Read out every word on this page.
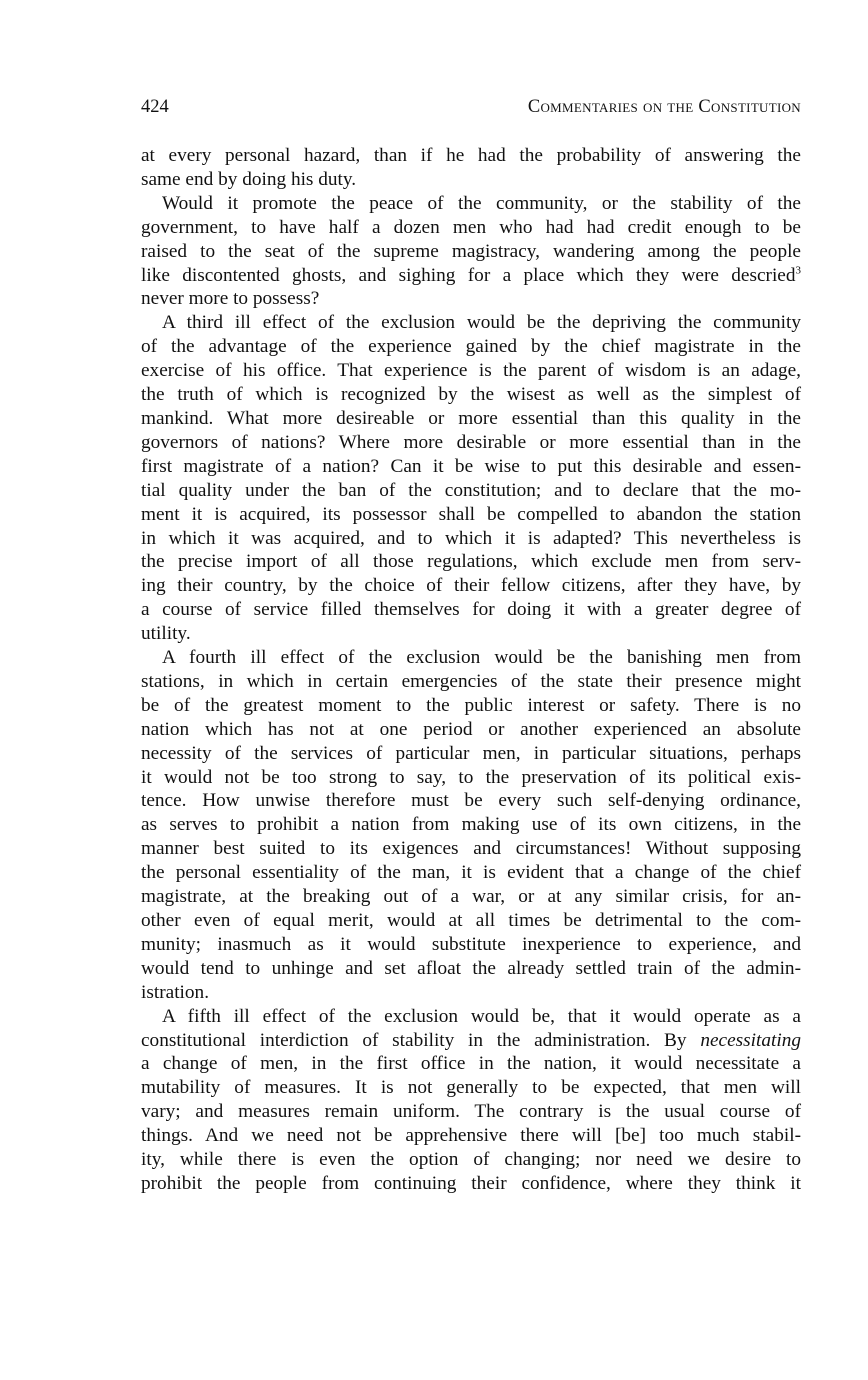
424	Commentaries on the Constitution
at every personal hazard, than if he had the probability of answering the
same end by doing his duty.
Would it promote the peace of the community, or the stability of the
government, to have half a dozen men who had had credit enough to be
raised to the seat of the supreme magistracy, wandering among the people
like discontented ghosts, and sighing for a place which they were descried$^3$
never more to possess?
A third ill effect of the exclusion would be the depriving the community
of the advantage of the experience gained by the chief magistrate in the
exercise of his office. That experience is the parent of wisdom is an adage,
the truth of which is recognized by the wisest as well as the simplest of
mankind. What more desireable or more essential than this quality in the
governors of nations? Where more desirable or more essential than in the
first magistrate of a nation? Can it be wise to put this desirable and essen-
tial quality under the ban of the constitution; and to declare that the mo-
ment it is acquired, its possessor shall be compelled to abandon the station
in which it was acquired, and to which it is adapted? This nevertheless is
the precise import of all those regulations, which exclude men from serv-
ing their country, by the choice of their fellow citizens, after they have, by
a course of service filled themselves for doing it with a greater degree of
utility.
A fourth ill effect of the exclusion would be the banishing men from
stations, in which in certain emergencies of the state their presence might
be of the greatest moment to the public interest or safety. There is no
nation which has not at one period or another experienced an absolute
necessity of the services of particular men, in particular situations, perhaps
it would not be too strong to say, to the preservation of its political exis-
tence. How unwise therefore must be every such self-denying ordinance,
as serves to prohibit a nation from making use of its own citizens, in the
manner best suited to its exigences and circumstances! Without supposing
the personal essentiality of the man, it is evident that a change of the chief
magistrate, at the breaking out of a war, or at any similar crisis, for an-
other even of equal merit, would at all times be detrimental to the com-
munity; inasmuch as it would substitute inexperience to experience, and
would tend to unhinge and set afloat the already settled train of the admin-
istration.
A fifth ill effect of the exclusion would be, that it would operate as a
constitutional interdiction of stability in the administration. By necessitating
a change of men, in the first office in the nation, it would necessitate a
mutability of measures. It is not generally to be expected, that men will
vary; and measures remain uniform. The contrary is the usual course of
things. And we need not be apprehensive there will [be] too much stabil-
ity, while there is even the option of changing; nor need we desire to
prohibit the people from continuing their confidence, where they think it
